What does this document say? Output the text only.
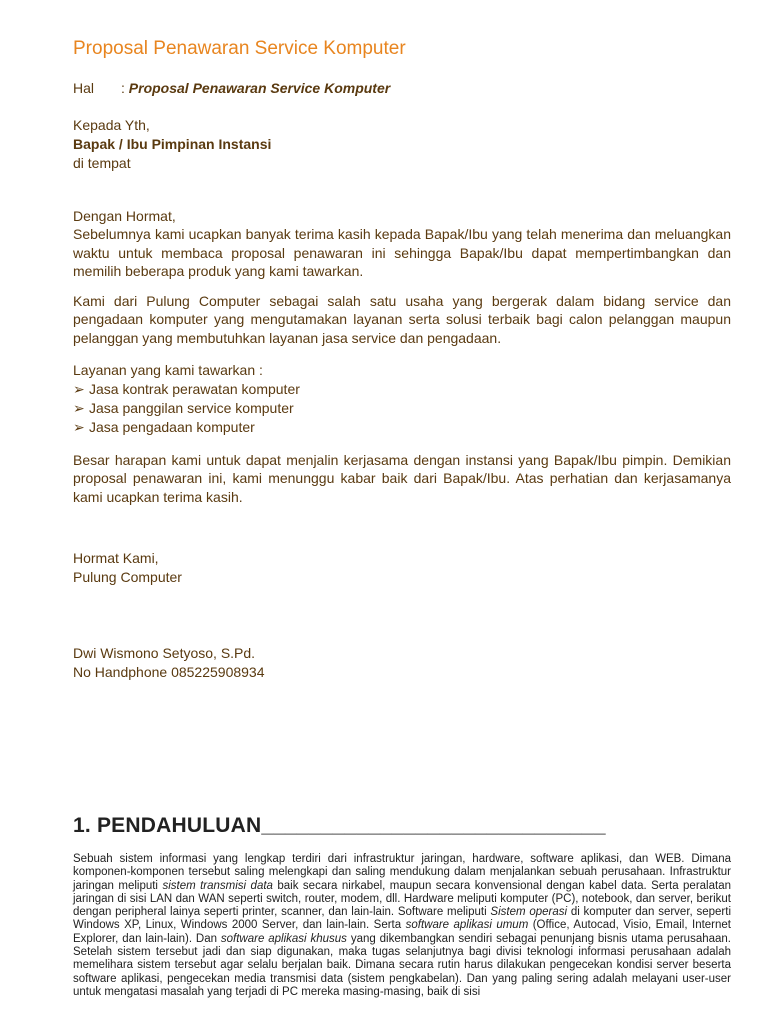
Proposal Penawaran Service Komputer
Hal : Proposal Penawaran Service Komputer
Kepada Yth,
Bapak / Ibu Pimpinan Instansi
di tempat
Dengan Hormat,

Sebelumnya kami ucapkan banyak terima kasih kepada Bapak/Ibu yang telah menerima dan meluangkan waktu untuk membaca proposal penawaran ini sehingga Bapak/Ibu dapat mempertimbangkan dan memilih beberapa produk yang kami tawarkan.

Kami dari Pulung Computer sebagai salah satu usaha yang bergerak dalam bidang service dan pengadaan komputer yang mengutamakan layanan serta solusi terbaik bagi calon pelanggan maupun pelanggan yang membutuhkan layanan jasa service dan pengadaan.

Layanan yang kami tawarkan :
➢ Jasa kontrak perawatan komputer
➢ Jasa panggilan service komputer
➢ Jasa pengadaan komputer

Besar harapan kami untuk dapat menjalin kerjasama dengan instansi yang Bapak/Ibu pimpin. Demikian proposal penawaran ini, kami menunggu kabar baik dari Bapak/Ibu. Atas perhatian dan kerjasamanya kami ucapkan terima kasih.

Hormat Kami,
Pulung Computer
Dwi Wismono Setyoso, S.Pd.
No Handphone 085225908934
1. PENDAHULUAN_____________________________

Sebuah sistem informasi yang lengkap terdiri dari infrastruktur jaringan, hardware, software aplikasi, dan WEB. Dimana komponen-komponen tersebut saling melengkapi dan saling mendukung dalam menjalankan sebuah perusahaan. Infrastruktur jaringan meliputi sistem transmisi data baik secara nirkabel, maupun secara konvensional dengan kabel data. Serta peralatan jaringan di sisi LAN dan WAN seperti switch, router, modem, dll. Hardware meliputi komputer (PC), notebook, dan server, berikut dengan peripheral lainya seperti printer, scanner, dan lain-lain. Software meliputi Sistem operasi di komputer dan server, seperti Windows XP, Linux, Windows 2000 Server, dan lain-lain. Serta software aplikasi umum (Office, Autocad, Visio, Email, Internet Explorer, dan lain-lain). Dan software aplikasi khusus yang dikembangkan sendiri sebagai penunjang bisnis utama perusahaan. Setelah sistem tersebut jadi dan siap digunakan, maka tugas selanjutnya bagi divisi teknologi informasi perusahaan adalah memelihara sistem tersebut agar selalu berjalan baik. Dimana secara rutin harus dilakukan pengecekan kondisi server beserta software aplikasi, pengecekan media transmisi data (sistem pengkabelan). Dan yang paling sering adalah melayani user-user untuk mengatasi masalah yang terjadi di PC mereka masing-masing, baik di sisi
